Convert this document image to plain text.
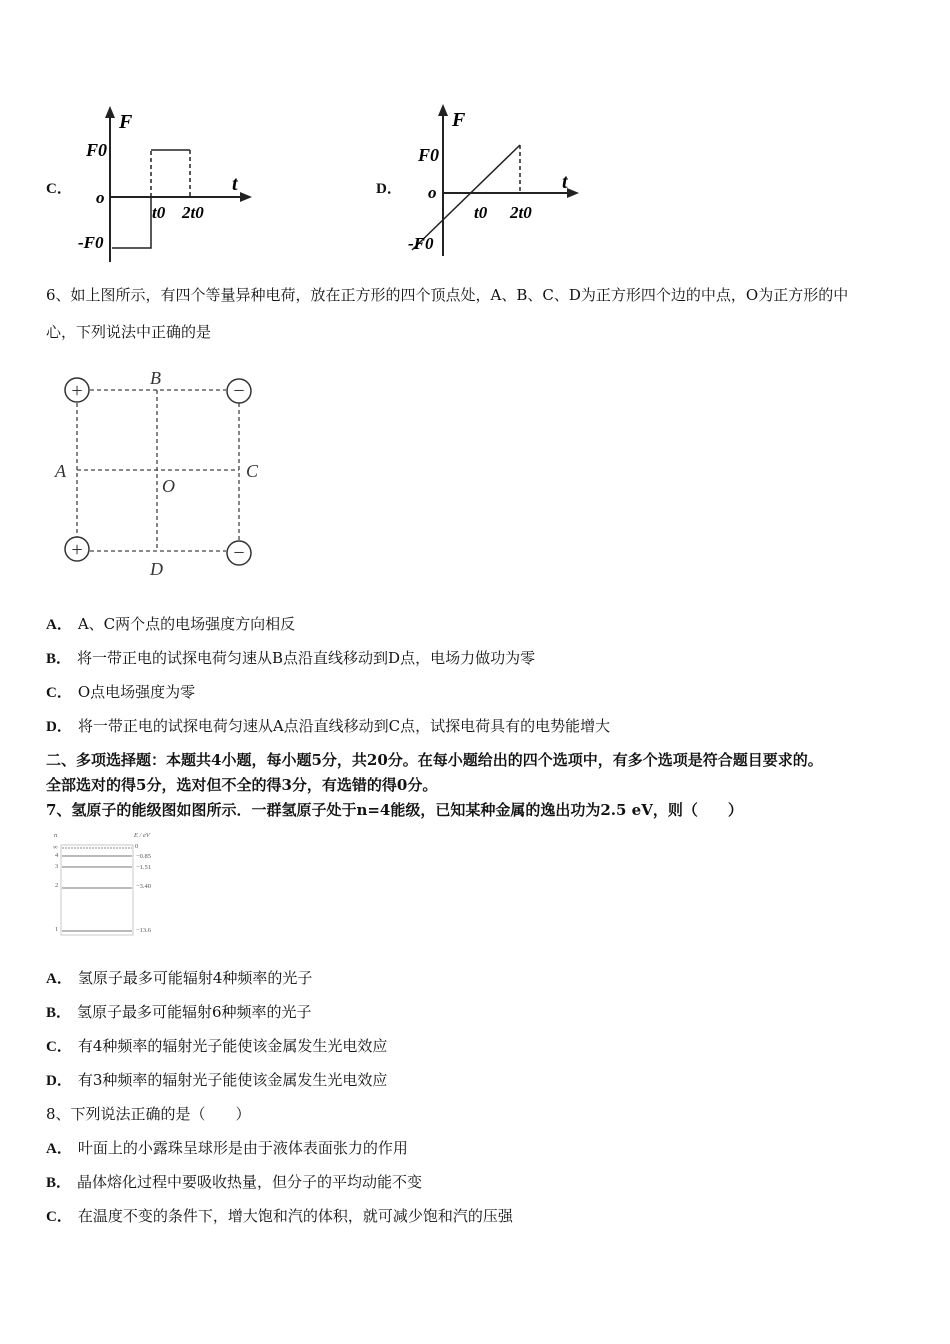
C．
F
F0
o
t
t0 2t0
-F0
D．
F
F0
o	t
t0 2t0
-F0
6、如上图所示，有四个等量异种电荷，放在正方形的四个顶点处，A、B、C、D为正方形四个边的中点，O为正方形的中
心，下列说法中正确的是
+	−
+	−
B
D
A	C
O
A． A、C两个点的电场强度方向相反
B． 将一带正电的试探电荷匀速从B点沿直线移动到D点，电场力做功为零
C． O点电场强度为零
D． 将一带正电的试探电荷匀速从A点沿直线移动到C点，试探电荷具有的电势能增大
二、多项选择题：本题共4小题，每小题5分，共20分。在每小题给出的四个选项中，有多个选项是符合题目要求的。
全部选对的得5分，选对但不全的得3分，有选错的得0分。
7、氢原子的能级图如图所示．一群氢原子处于n=4能级，已知某种金属的逸出功为2.5 eV，则（　　）
n	E / eV
∞	0
4	−0.85
3	−1.51
2	−3.40
1	−13.6
A． 氢原子最多可能辐射4种频率的光子
B． 氢原子最多可能辐射6种频率的光子
C． 有4种频率的辐射光子能使该金属发生光电效应
D． 有3种频率的辐射光子能使该金属发生光电效应
8、下列说法正确的是（　　）
A． 叶面上的小露珠呈球形是由于液体表面张力的作用
B． 晶体熔化过程中要吸收热量，但分子的平均动能不变
C． 在温度不变的条件下，增大饱和汽的体积，就可减少饱和汽的压强
